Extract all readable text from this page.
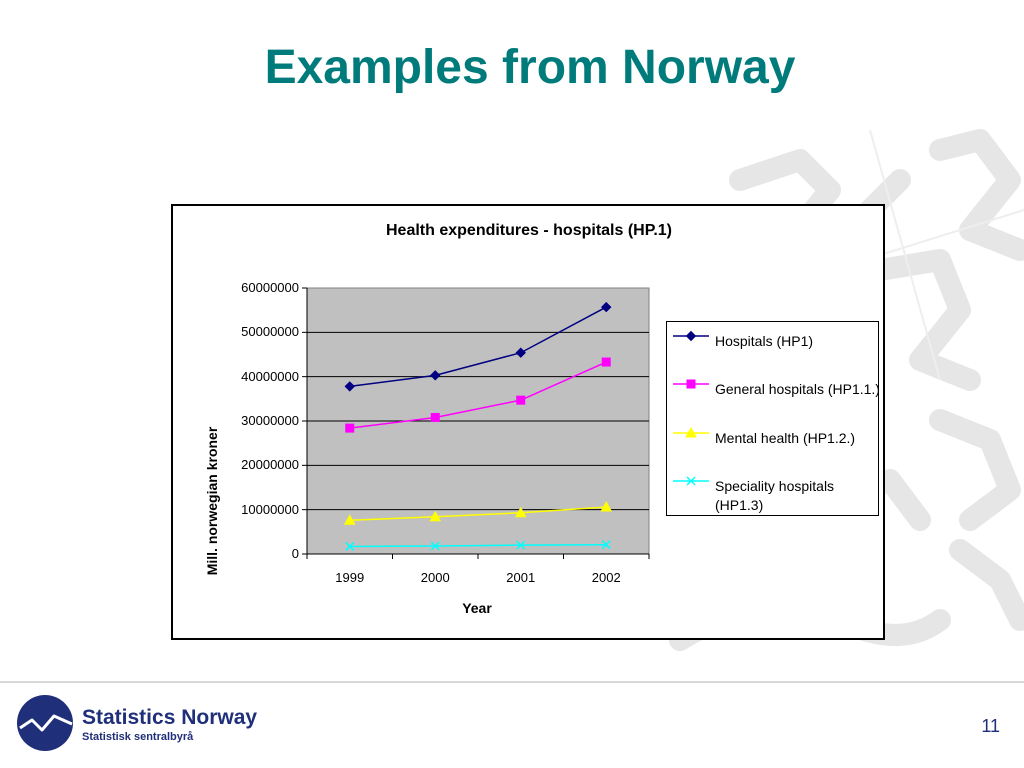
Examples from Norway
Health expenditures - hospitals (HP.1)
Mill. norwegian kroner
Year
0
10000000
20000000
30000000
40000000
50000000
60000000
1999	2000	2001	2002
Hospitals (HP1)
General hospitals (HP1.1.)
Mental health (HP1.2.)
Speciality hospitals (HP1.3)
Statistics Norway
Statistisk sentralbyrå
11
